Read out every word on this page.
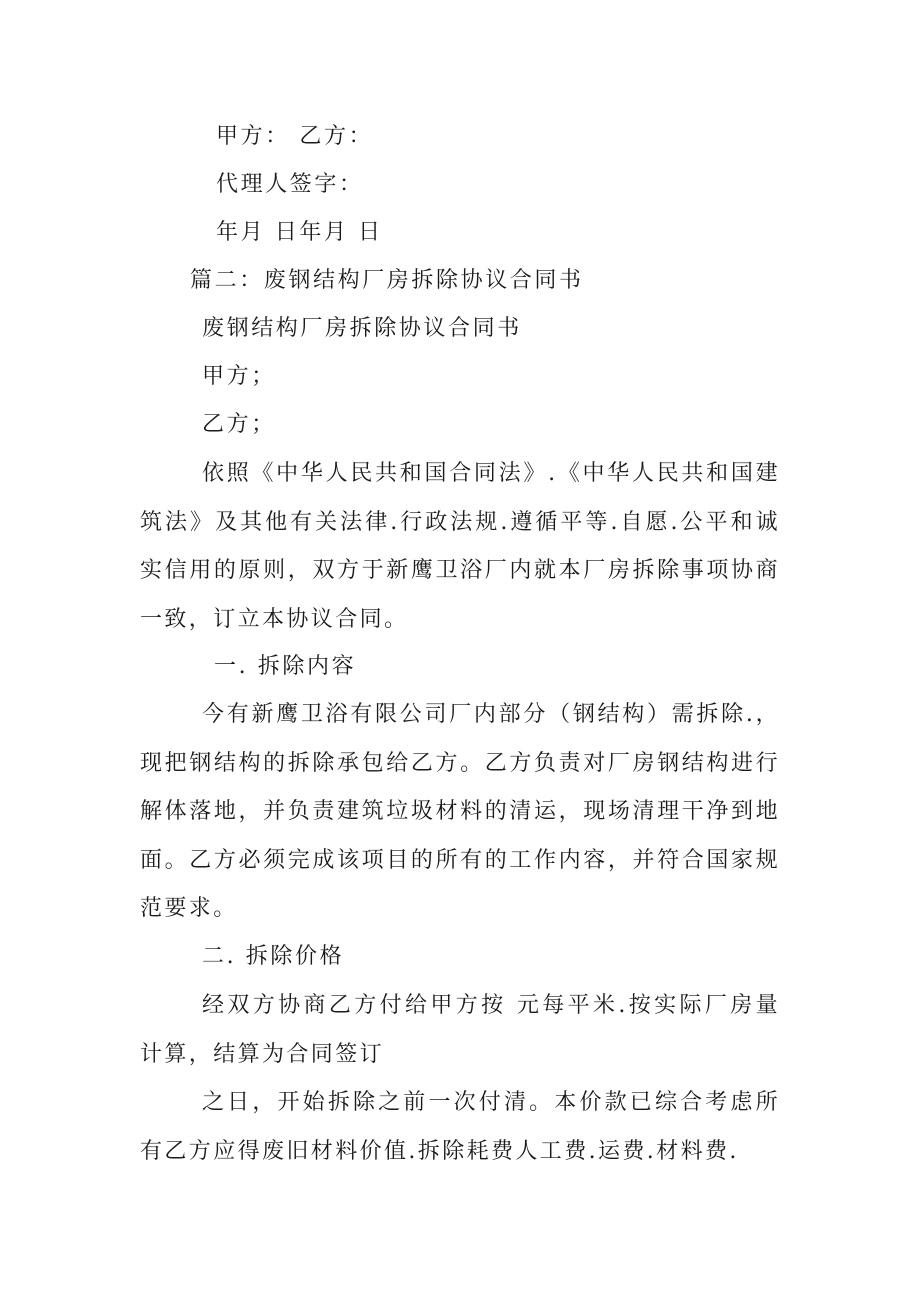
甲方： 乙方：
代理人签字：
年月 日年月 日
篇二：废钢结构厂房拆除协议合同书
废钢结构厂房拆除协议合同书
甲方；
乙方；
依照《中华人民共和国合同法》.《中华人民共和国建筑法》及其他有关法律.行政法规.遵循平等.自愿.公平和诚实信用的原则，双方于新鹰卫浴厂内就本厂房拆除事项协商一致，订立本协议合同。
一. 拆除内容
今有新鹰卫浴有限公司厂内部分（钢结构）需拆除.，现把钢结构的拆除承包给乙方。乙方负责对厂房钢结构进行解体落地，并负责建筑垃圾材料的清运，现场清理干净到地面。乙方必须完成该项目的所有的工作内容，并符合国家规范要求。
二. 拆除价格
经双方协商乙方付给甲方按 元每平米.按实际厂房量计算，结算为合同签订
之日，开始拆除之前一次付清。本价款已综合考虑所有乙方应得废旧材料价值.拆除耗费人工费.运费.材料费.
